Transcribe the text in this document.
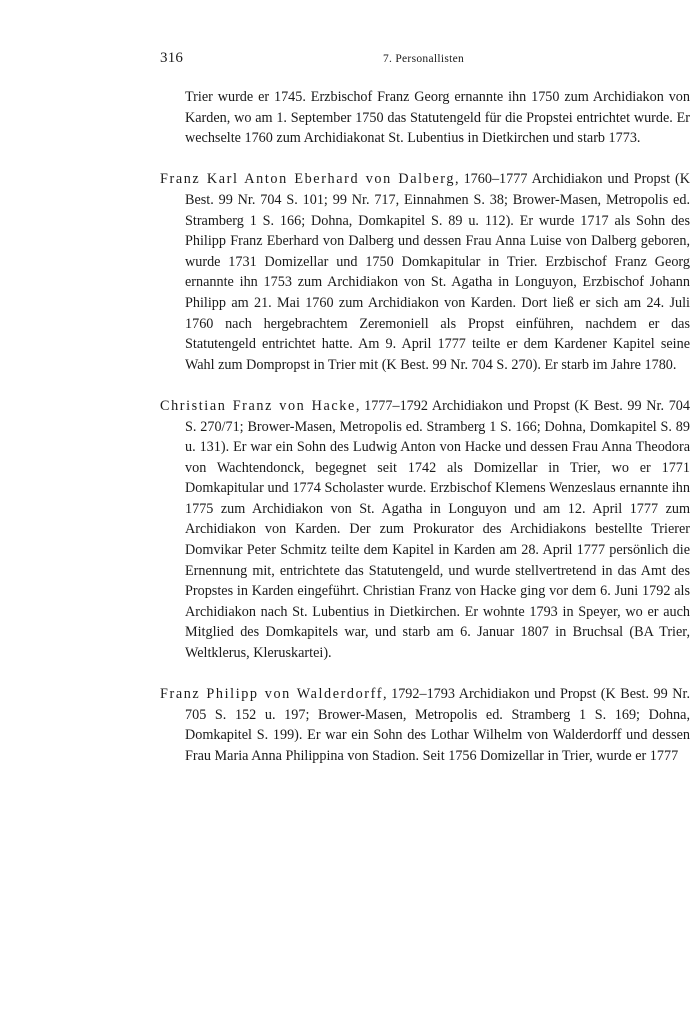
316	7. Personallisten

Trier wurde er 1745. Erzbischof Franz Georg ernannte ihn 1750 zum Archidiakon von Karden, wo am 1. September 1750 das Statutengeld für die Propstei entrichtet wurde. Er wechselte 1760 zum Archidiakonat St. Lubentius in Dietkirchen und starb 1773.

Franz Karl Anton Eberhard von Dalberg, 1760–1777 Archidiakon und Propst (K Best. 99 Nr. 704 S. 101; 99 Nr. 717, Einnahmen S. 38; Brower-Masen, Metropolis ed. Stramberg 1 S. 166; Dohna, Domkapitel S. 89 u. 112). Er wurde 1717 als Sohn des Philipp Franz Eberhard von Dalberg und dessen Frau Anna Luise von Dalberg geboren, wurde 1731 Domizellar und 1750 Domkapitular in Trier. Erzbischof Franz Georg ernannte ihn 1753 zum Archidiakon von St. Agatha in Longuyon, Erzbischof Johann Philipp am 21. Mai 1760 zum Archidiakon von Karden. Dort ließ er sich am 24. Juli 1760 nach hergebrachtem Zeremoniell als Propst einführen, nachdem er das Statutengeld entrichtet hatte. Am 9. April 1777 teilte er dem Kardener Kapitel seine Wahl zum Dompropst in Trier mit (K Best. 99 Nr. 704 S. 270). Er starb im Jahre 1780.

Christian Franz von Hacke, 1777–1792 Archidiakon und Propst (K Best. 99 Nr. 704 S. 270/71; Brower-Masen, Metropolis ed. Stramberg 1 S. 166; Dohna, Domkapitel S. 89 u. 131). Er war ein Sohn des Ludwig Anton von Hacke und dessen Frau Anna Theodora von Wachtendonck, begegnet seit 1742 als Domizellar in Trier, wo er 1771 Domkapitular und 1774 Scholaster wurde. Erzbischof Klemens Wenzeslaus ernannte ihn 1775 zum Archidiakon von St. Agatha in Longuyon und am 12. April 1777 zum Archidiakon von Karden. Der zum Prokurator des Archidiakons bestellte Trierer Domvikar Peter Schmitz teilte dem Kapitel in Karden am 28. April 1777 persönlich die Ernennung mit, entrichtete das Statutengeld, und wurde stellvertretend in das Amt des Propstes in Karden eingeführt. Christian Franz von Hacke ging vor dem 6. Juni 1792 als Archidiakon nach St. Lubentius in Dietkirchen. Er wohnte 1793 in Speyer, wo er auch Mitglied des Domkapitels war, und starb am 6. Januar 1807 in Bruchsal (BA Trier, Weltklerus, Kleruskartei).

Franz Philipp von Walderdorff, 1792–1793 Archidiakon und Propst (K Best. 99 Nr. 705 S. 152 u. 197; Brower-Masen, Metropolis ed. Stramberg 1 S. 169; Dohna, Domkapitel S. 199). Er war ein Sohn des Lothar Wilhelm von Walderdorff und dessen Frau Maria Anna Philippina von Stadion. Seit 1756 Domizellar in Trier, wurde er 1777
